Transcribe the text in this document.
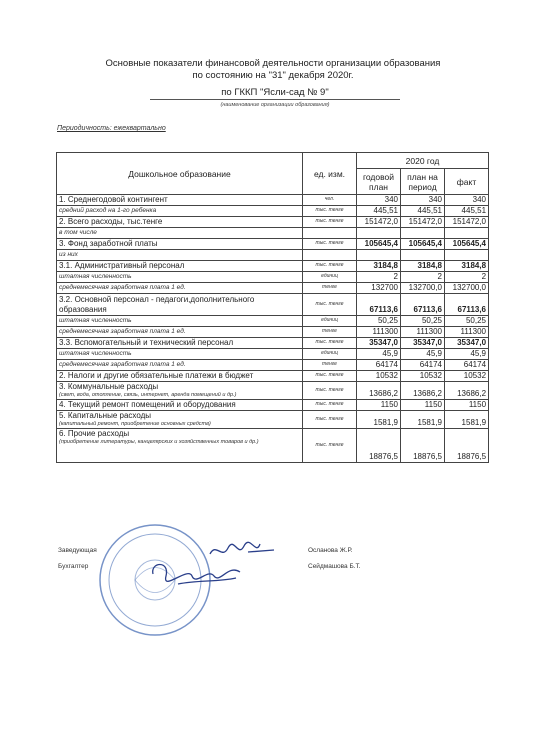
Основные показатели финансовой деятельности организации образования
по состоянию на "31" декабря 2020г.
по ГККП "Ясли-сад № 9"
(наименование организации образования)
Периодичность: ежеквартально
Дошкольное образование	ед. изм.	2020 год		
		годовой план	план на период	факт
1. Среднегодовой контингент	чел.	340	340	340
средний расход на 1-го ребенка	тыс. тенге	445,51	445,51	445,51
2. Всего расходы, тыс.тенге	тыс. тенге	151472,0	151472,0	151472,0
в том числе				
3. Фонд заработной платы	тыс. тенге	105645,4	105645,4	105645,4
из них				
3.1. Административный персонал	тыс. тенге	3184,8	3184,8	3184,8
штатная численность	единиц	2	2	2
среднемесячная заработная плата 1 ед.	тенге	132700	132700,0	132700,0
3.2. Основной персонал - педагоги,дополнительного образования	тыс. тенге	67113,6	67113,6	67113,6
штатная численность	единиц	50,25	50,25	50,25
среднемесячная заработная плата 1 ед.	тенге	111300	111300	111300
3.3. Вспомогательный и технический персонал	тыс. тенге	35347,0	35347,0	35347,0
штатная численность	единиц	45,9	45,9	45,9
среднемесячная заработная плата 1 ед.	тенге	64174	64174	64174
2. Налоги и другие обязательные платежи в бюджет	тыс. тенге	10532	10532	10532
3. Коммунальные расходы
(свет, вода, отопление, связь, интернет, аренда помещений и др.)	тыс. тенге	13686,2	13686,2	13686,2
4. Текущий ремонт помещений и оборудования	тыс. тенге	1150	1150	1150
5. Капитальные расходы
(капитальный ремонт, приобретение основных средств)	тыс. тенге	1581,9	1581,9	1581,9
6. Прочие расходы
(приобретение литературы, канцелярских и хозяйственных товаров и др.)	тыс. тенге	18876,5	18876,5	18876,5
Заведующая	Осланова Ж.Р.
Бухгалтер	Сейдмашова Б.Т.
